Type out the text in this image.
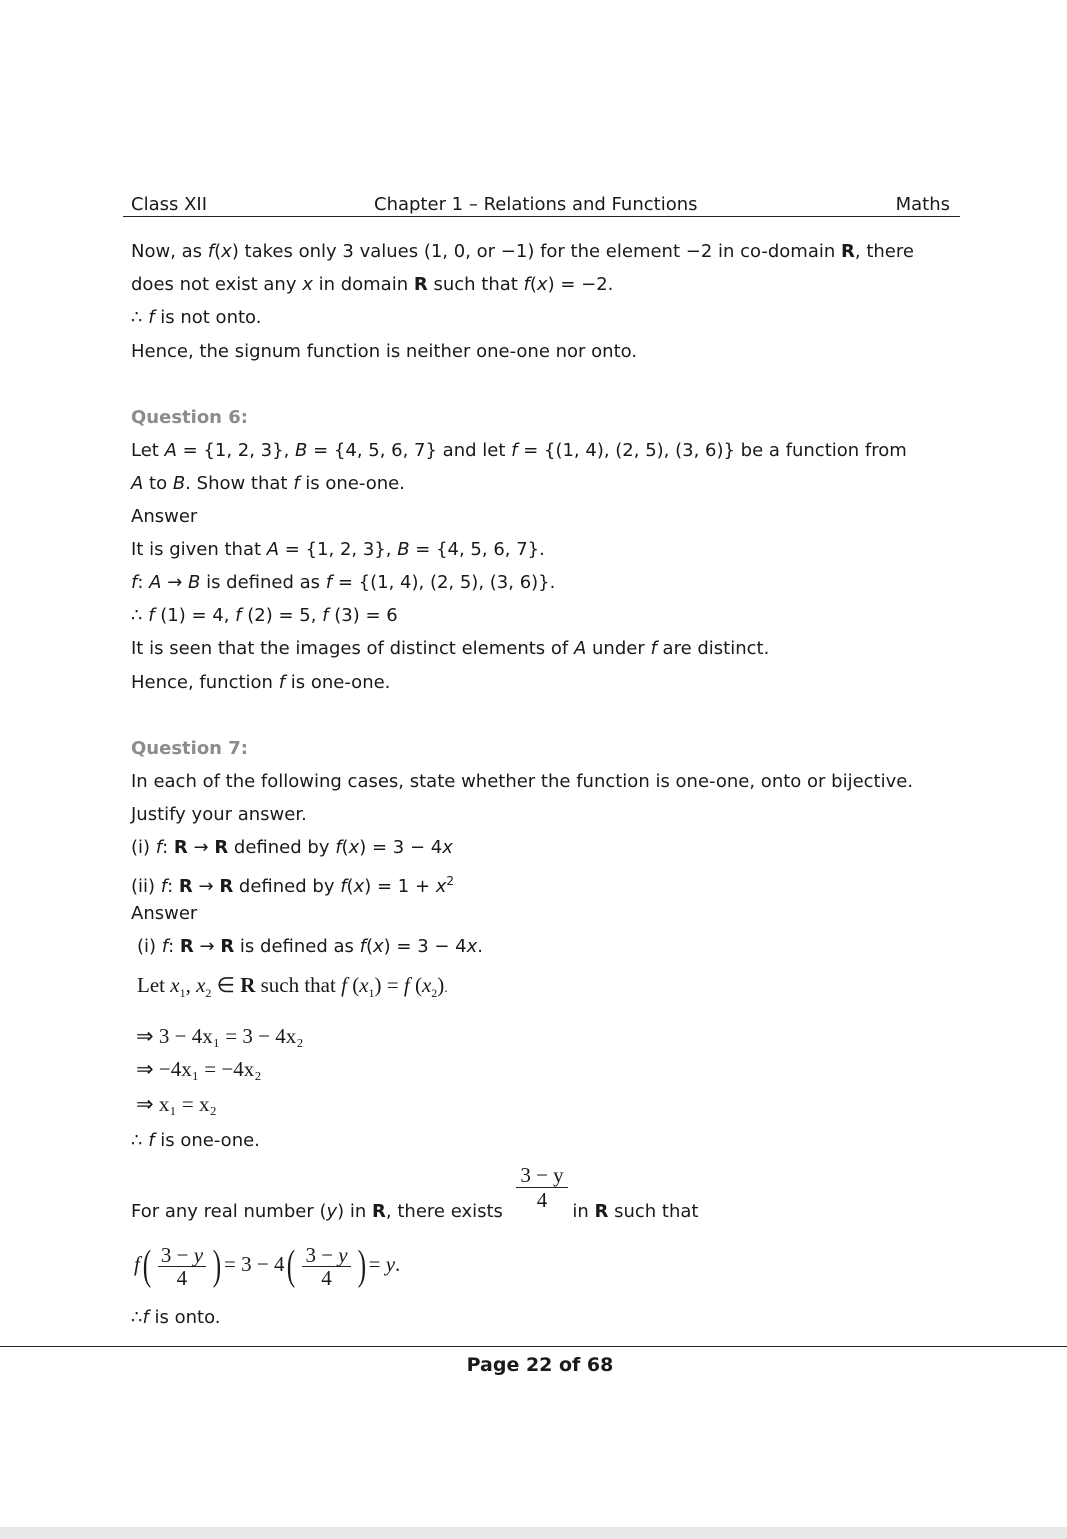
Class XII	Chapter 1 – Relations and Functions	Maths
Now, as f(x) takes only 3 values (1, 0, or −1) for the element −2 in co-domain R, there
does not exist any x in domain R such that f(x) = −2.
∴ f is not onto.
Hence, the signum function is neither one-one nor onto.
Question 6:
Let A = {1, 2, 3}, B = {4, 5, 6, 7} and let f = {(1, 4), (2, 5), (3, 6)} be a function from
A to B. Show that f is one-one.
Answer
It is given that A = {1, 2, 3}, B = {4, 5, 6, 7}.
f: A → B is defined as f = {(1, 4), (2, 5), (3, 6)}.
∴ f (1) = 4, f (2) = 5, f (3) = 6
It is seen that the images of distinct elements of A under f are distinct.
Hence, function f is one-one.
Question 7:
In each of the following cases, state whether the function is one-one, onto or bijective.
Justify your answer.
(i) f: R → R defined by f(x) = 3 − 4x
(ii) f: R → R defined by $f(x) = 1 + x^2$
Answer
(i) f: R → R is defined as f(x) = 3 − 4x.
Let $x_1$, $x_2$ ∈ R such that f $(x_1) = f$ $(x_2)$.
⇒ 3 − 4x₁ = 3 − 4x₂
⇒ −4x₁ = −4x₂
⇒ x₁ = x₂
∴ f is one-one.
For any real number (y) in R, there exists	in R such that
3 − y
4
$f( \frac{3 - y}{4}$ ) = $3 - 4( \frac{3 - y}{4}$ ) = y.
∴f is onto.
Page 22 of 68
